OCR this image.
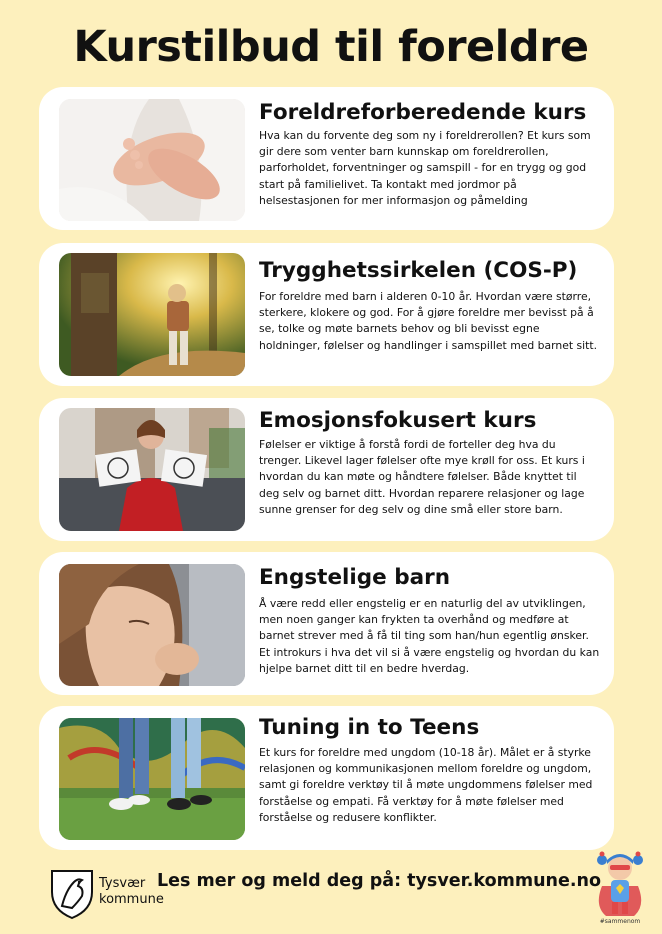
Kurstilbud til foreldre
Foreldreforberedende kurs

Hva kan du forvente deg som ny i foreldrerollen? Et kurs som gir dere som venter barn kunnskap om foreldrerollen, parforholdet, forventninger og samspill - for en trygg og god start på familielivet. Ta kontakt med jordmor på helsestasjonen for mer informasjon og påmelding

Trygghetssirkelen (COS-P)

For foreldre med barn i alderen 0-10 år. Hvordan være større, sterkere, klokere og god. For å gjøre foreldre mer bevisst på å se, tolke og møte barnets behov og bli bevisst egne holdninger, følelser og handlinger i samspillet med barnet sitt.

Emosjonsfokusert kurs

Følelser er viktige å forstå fordi de forteller deg hva du trenger. Likevel lager følelser ofte mye krøll for oss. Et kurs i hvordan du kan møte og håndtere følelser. Både knyttet til deg selv og barnet ditt. Hvordan reparere relasjoner og lage sunne grenser for deg selv og dine små eller store barn.

Engstelige barn

Å være redd eller engstelig er en naturlig del av utviklingen, men noen ganger kan frykten ta overhånd og medføre at barnet strever med å få til ting som han/hun egentlig ønsker. Et introkurs i hva det vil si å være engstelig og hvordan du kan hjelpe barnet ditt til en bedre hverdag.

Tuning in to Teens

Et kurs for foreldre med ungdom (10-18 år). Målet er å styrke relasjonen og kommunikasjonen mellom foreldre og ungdom, samt gi foreldre verktøy til å møte ungdommens følelser med forståelse og empati. Få verktøy for å møte følelser med forståelse og redusere konflikter.

Tysvær
kommune
Les mer og meld deg på: tysver.kommune.no
#sammenom
